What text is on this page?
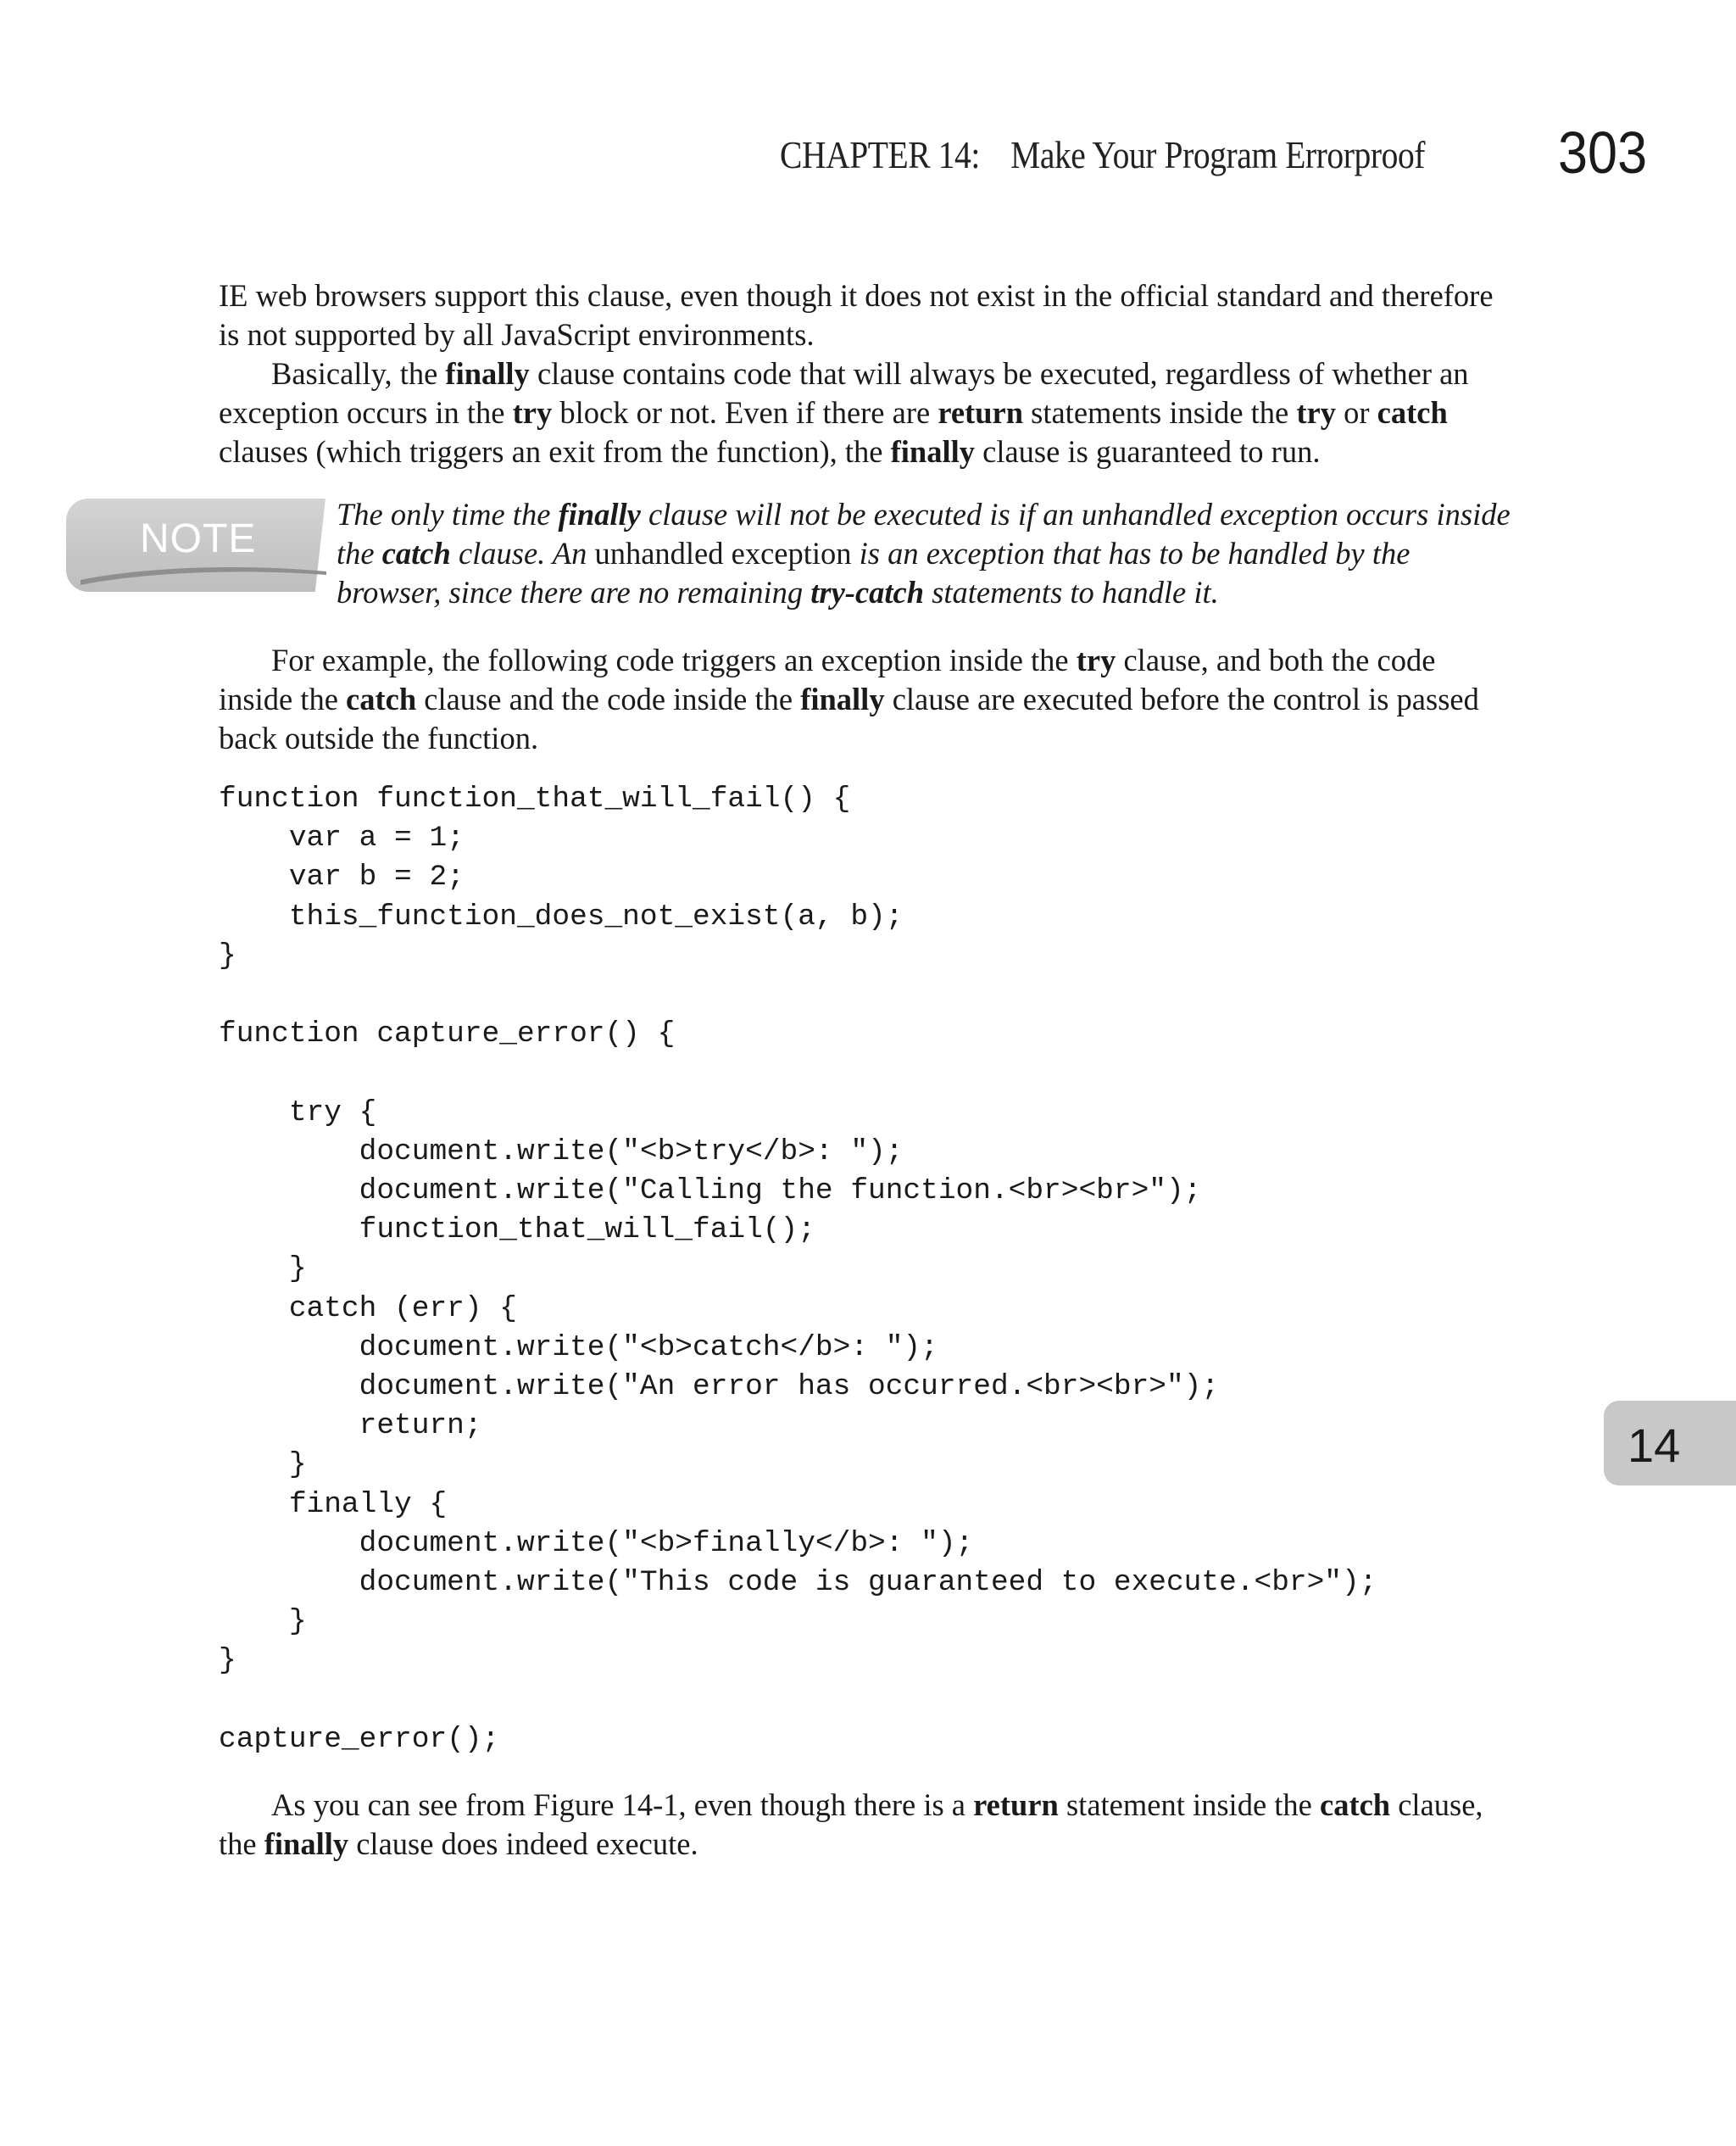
CHAPTER 14: Make Your Program Errorproof 303

IE web browsers support this clause, even though it does not exist in the official standard and therefore is not supported by all JavaScript environments.

Basically, the finally clause contains code that will always be executed, regardless of whether an exception occurs in the try block or not. Even if there are return statements inside the try or catch clauses (which triggers an exit from the function), the finally clause is guaranteed to run.

NOTE

The only time the finally clause will not be executed is if an unhandled exception occurs inside the catch clause. An unhandled exception is an exception that has to be handled by the browser, since there are no remaining try-catch statements to handle it.

For example, the following code triggers an exception inside the try clause, and both the code inside the catch clause and the code inside the finally clause are executed before the control is passed back outside the function.

function function_that_will_fail() {
var a = 1;
var b = 2;
this_function_does_not_exist(a, b);
}

function capture_error() {

try {
document.write("<b>try</b>: ");
document.write("Calling the function.<br><br>");
function_that_will_fail();
}
catch (err) {
document.write("<b>catch</b>: ");
document.write("An error has occurred.<br><br>");
return;
}
finally {
document.write("<b>finally</b>: ");
document.write("This code is guaranteed to execute.<br>");
}
}

capture_error();

As you can see from Figure 14-1, even though there is a return statement inside the catch clause, the finally clause does indeed execute.

14
